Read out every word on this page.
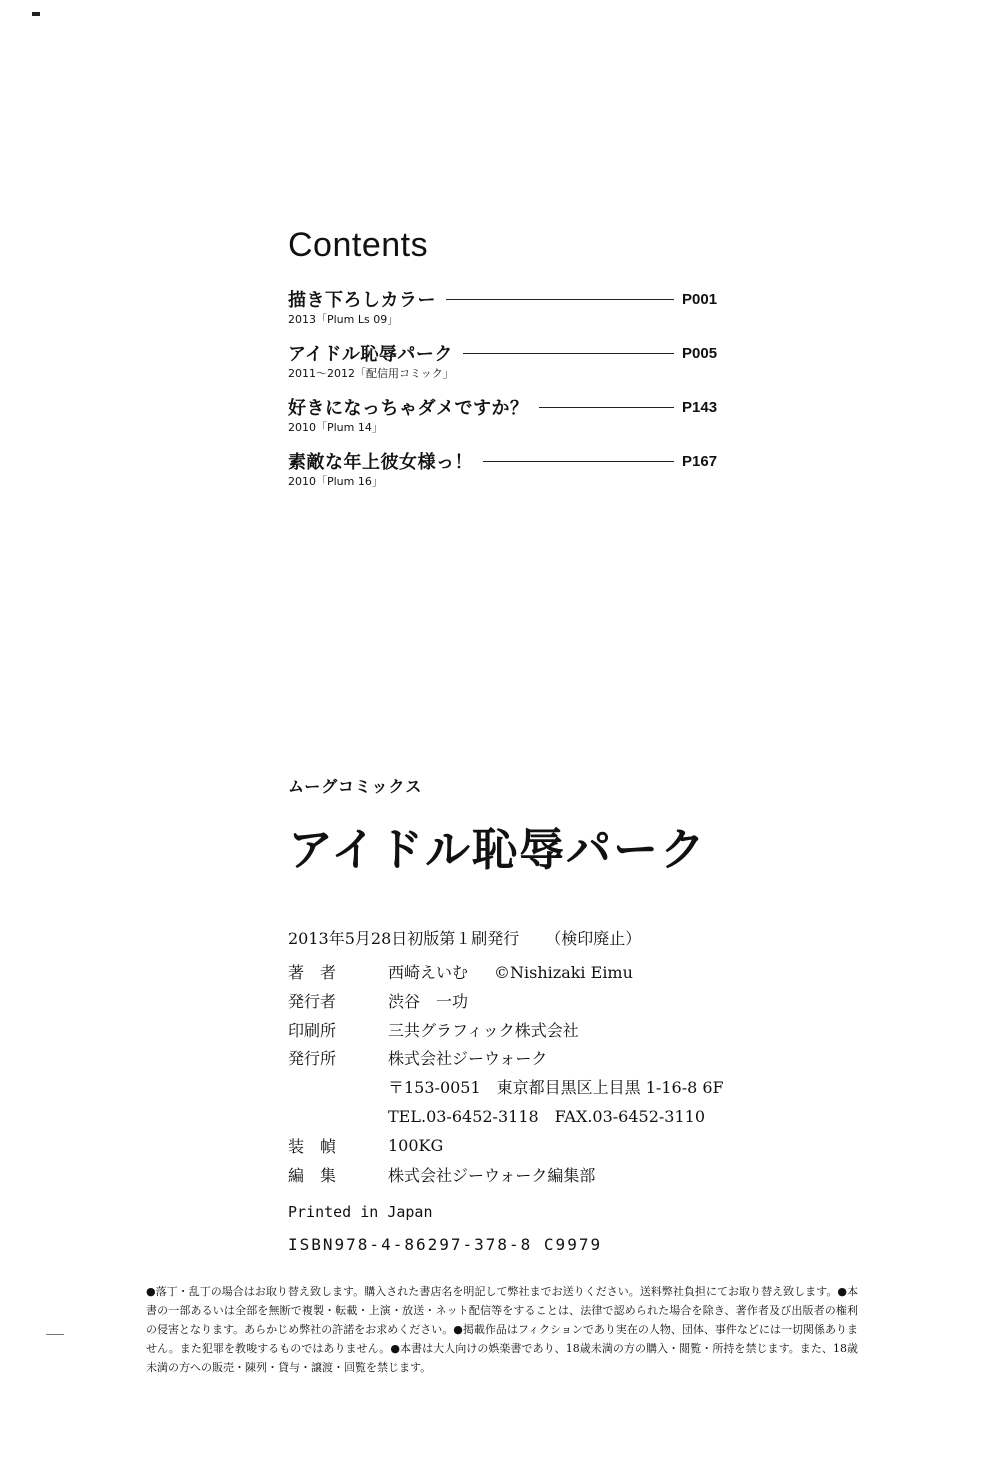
Contents
描き下ろしカラー	P001
2013「Plum Ls 09」
アイドル恥辱パーク	P005
2011〜2012「配信用コミック」
好きになっちゃダメですか？	P143
2010「Plum 14」
素敵な年上彼女様っ！	P167
2010「Plum 16」
ムーグコミックス
アイドル恥辱パーク
2013年5月28日初版第１刷発行 （検印廃止）
著　者	西崎えいむ ©Nishizaki Eimu
発行者	渋谷　一功
印刷所	三共グラフィック株式会社
発行所	株式会社ジーウォーク
〒153-0051　東京都目黒区上目黒 1-16-8 6F
TEL.03-6452-3118　FAX.03-6452-3110

装　幀	100KG
編　集	株式会社ジーウォーク編集部
Printed in Japan
ISBN978-4-86297-378-8 C9979
●落丁・乱丁の場合はお取り替え致します。購入された書店名を明記して弊社までお送りください。送料弊社負担にてお取り替え致します。●本書の一部あるいは全部を無断で複製・転載・上演・放送・ネット配信等をすることは、法律で認められた場合を除き、著作者及び出版者の権利の侵害となります。あらかじめ弊社の許諾をお求めください。●掲載作品はフィクションであり実在の人物、団体、事件などには一切関係ありません。また犯罪を教唆するものではありません。●本書は大人向けの娯楽書であり、18歳未満の方の購入・閲覧・所持を禁じます。また、18歳未満の方への販売・陳列・貸与・譲渡・回覧を禁じます。
